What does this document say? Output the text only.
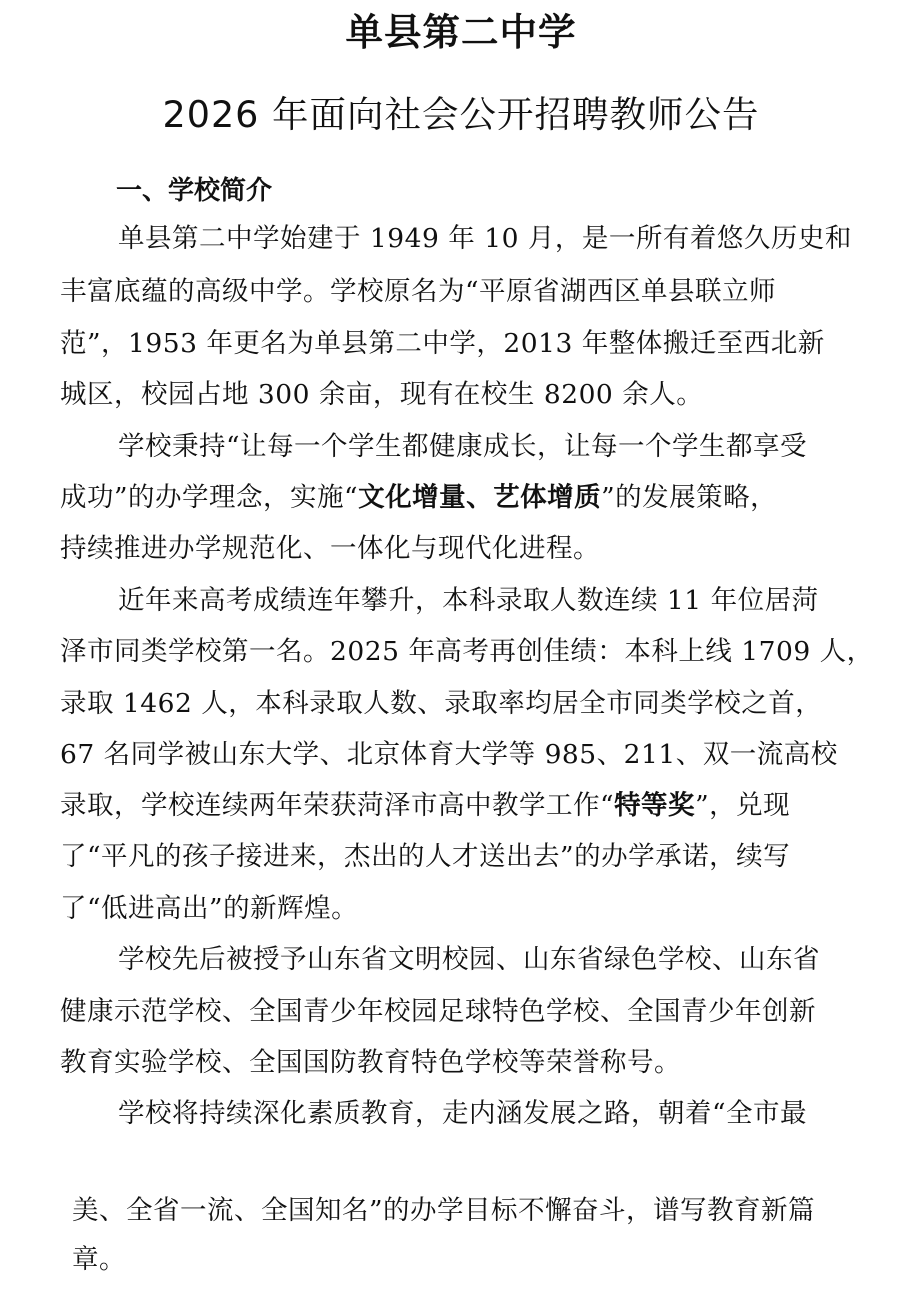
单县第二中学
2026 年面向社会公开招聘教师公告
一、学校简介

单县第二中学始建于 1949 年 10 月，是一所有着悠久历史和

丰富底蕴的高级中学。学校原名为“平原省湖西区单县联立师

范”，1953 年更名为单县第二中学，2013 年整体搬迁至西北新

城区，校园占地 300 余亩，现有在校生 8200 余人。

学校秉持“让每一个学生都健康成长，让每一个学生都享受

成功”的办学理念，实施“文化增量、艺体增质”的发展策略，

持续推进办学规范化、一体化与现代化进程。

近年来高考成绩连年攀升，本科录取人数连续 11 年位居菏

泽市同类学校第一名。2025 年高考再创佳绩：本科上线 1709 人，

录取 1462 人，本科录取人数、录取率均居全市同类学校之首，

67 名同学被山东大学、北京体育大学等 985、211、双一流高校

录取，学校连续两年荣获菏泽市高中教学工作“特等奖”，兑现

了“平凡的孩子接进来，杰出的人才送出去”的办学承诺，续写

了“低进高出”的新辉煌。

学校先后被授予山东省文明校园、山东省绿色学校、山东省

健康示范学校、全国青少年校园足球特色学校、全国青少年创新

教育实验学校、全国国防教育特色学校等荣誉称号。

学校将持续深化素质教育，走内涵发展之路，朝着“全市最

美、全省一流、全国知名”的办学目标不懈奋斗，谱写教育新篇

章。
